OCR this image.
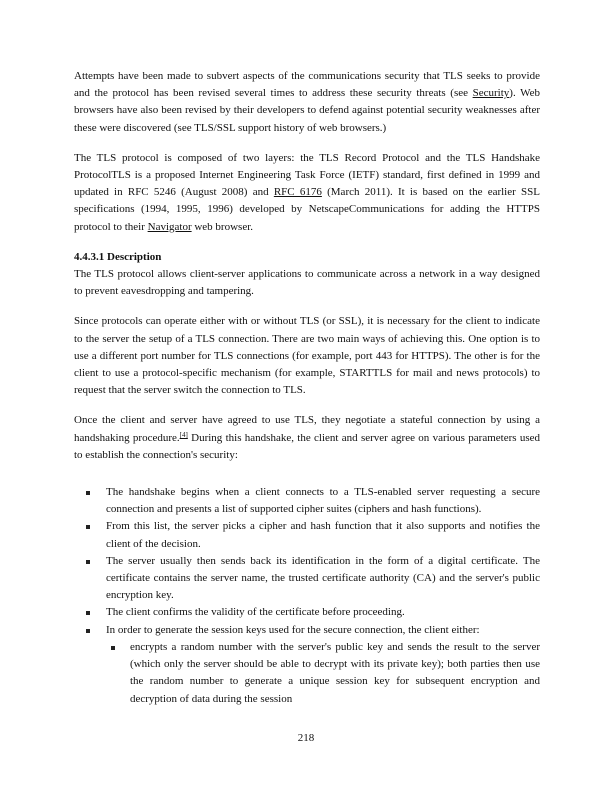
Attempts have been made to subvert aspects of the communications security that TLS seeks to provide and the protocol has been revised several times to address these security threats (see Security). Web browsers have also been revised by their developers to defend against potential security weaknesses after these were discovered (see TLS/SSL support history of web browsers.)

The TLS protocol is composed of two layers: the TLS Record Protocol and the TLS Handshake ProtocolTLS is a proposed Internet Engineering Task Force (IETF) standard, first defined in 1999 and updated in RFC 5246 (August 2008) and RFC 6176 (March 2011). It is based on the earlier SSL specifications (1994, 1995, 1996) developed by NetscapeCommunications for adding the HTTPS protocol to their Navigator web browser.

4.4.3.1 Description

The TLS protocol allows client-server applications to communicate across a network in a way designed to prevent eavesdropping and tampering.

Since protocols can operate either with or without TLS (or SSL), it is necessary for the client to indicate to the server the setup of a TLS connection. There are two main ways of achieving this. One option is to use a different port number for TLS connections (for example, port 443 for HTTPS). The other is for the client to use a protocol-specific mechanism (for example, STARTTLS for mail and news protocols) to request that the server switch the connection to TLS.

Once the client and server have agreed to use TLS, they negotiate a stateful connection by using a handshaking procedure.[4] During this handshake, the client and server agree on various parameters used to establish the connection's security:

The handshake begins when a client connects to a TLS-enabled server requesting a secure connection and presents a list of supported cipher suites (ciphers and hash functions).
From this list, the server picks a cipher and hash function that it also supports and notifies the client of the decision.
The server usually then sends back its identification in the form of a digital certificate. The certificate contains the server name, the trusted certificate authority (CA) and the server's public encryption key.
The client confirms the validity of the certificate before proceeding.
In order to generate the session keys used for the secure connection, the client either:
encrypts a random number with the server's public key and sends the result to the server (which only the server should be able to decrypt with its private key); both parties then use the random number to generate a unique session key for subsequent encryption and decryption of data during the session
218
